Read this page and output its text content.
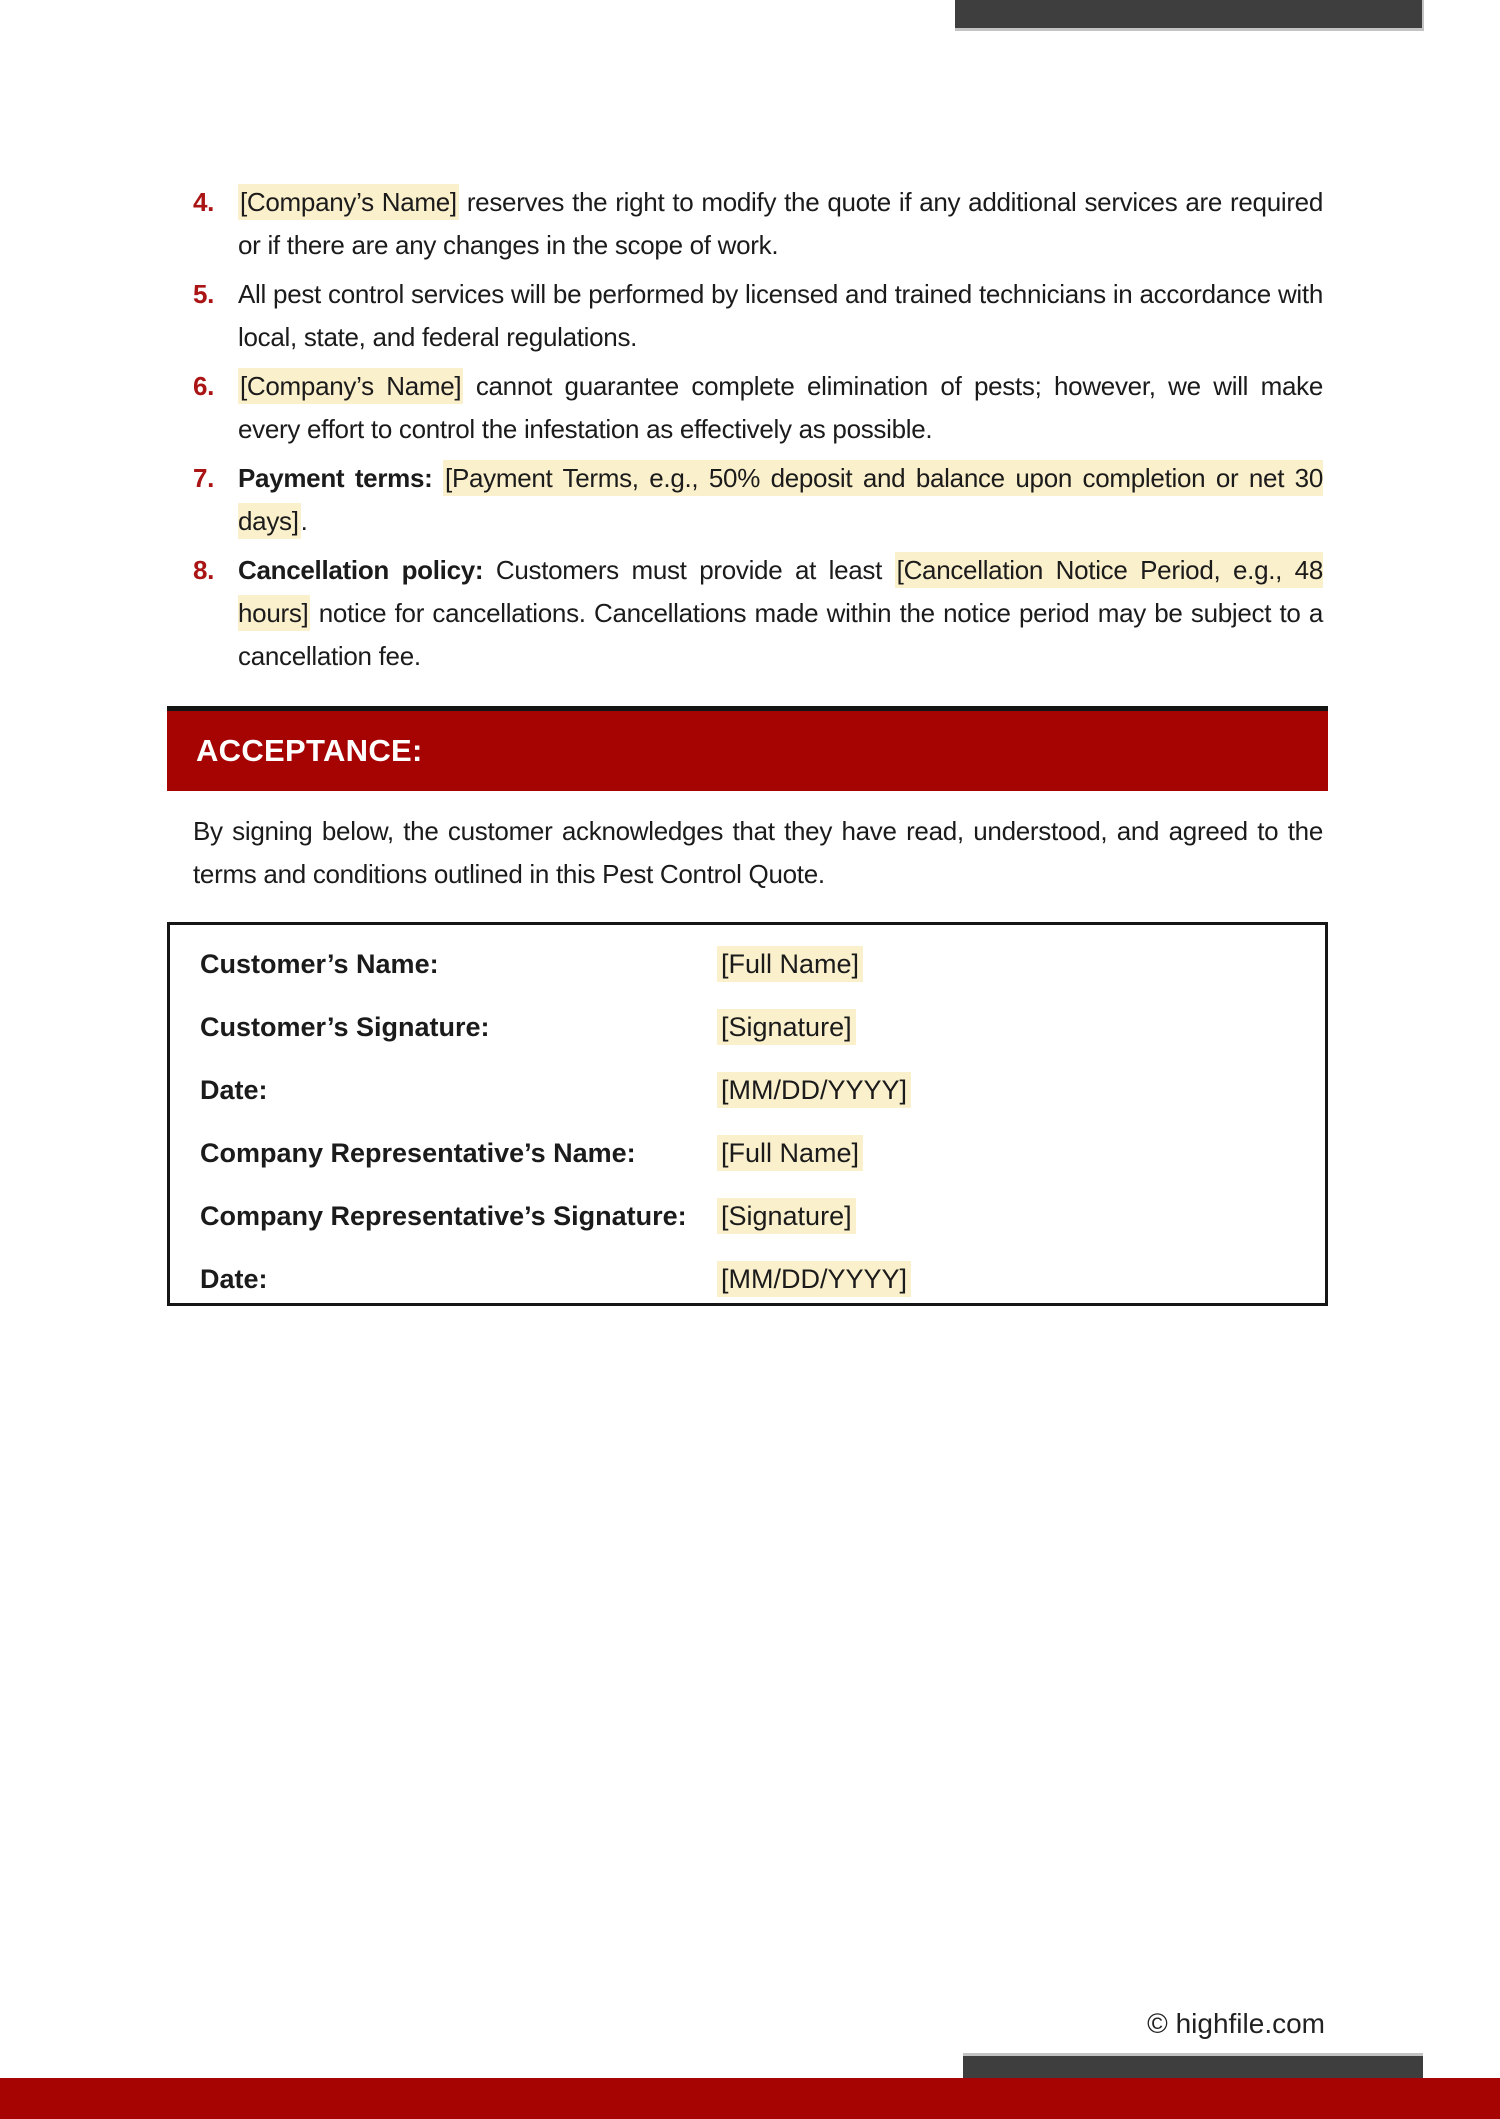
4. [Company’s Name] reserves the right to modify the quote if any additional services are required or if there are any changes in the scope of work.
5. All pest control services will be performed by licensed and trained technicians in accordance with local, state, and federal regulations.
6. [Company’s Name] cannot guarantee complete elimination of pests; however, we will make every effort to control the infestation as effectively as possible.
7. Payment terms: [Payment Terms, e.g., 50% deposit and balance upon completion or net 30 days].
8. Cancellation policy: Customers must provide at least [Cancellation Notice Period, e.g., 48 hours] notice for cancellations. Cancellations made within the notice period may be subject to a cancellation fee.
ACCEPTANCE:

By signing below, the customer acknowledges that they have read, understood, and agreed to the terms and conditions outlined in this Pest Control Quote.

Customer’s Name:	[Full Name]
Customer’s Signature:	[Signature]
Date:	[MM/DD/YYYY]
Company Representative’s Name:	[Full Name]
Company Representative’s Signature:	[Signature]
Date:	[MM/DD/YYYY]
© highfile.com
